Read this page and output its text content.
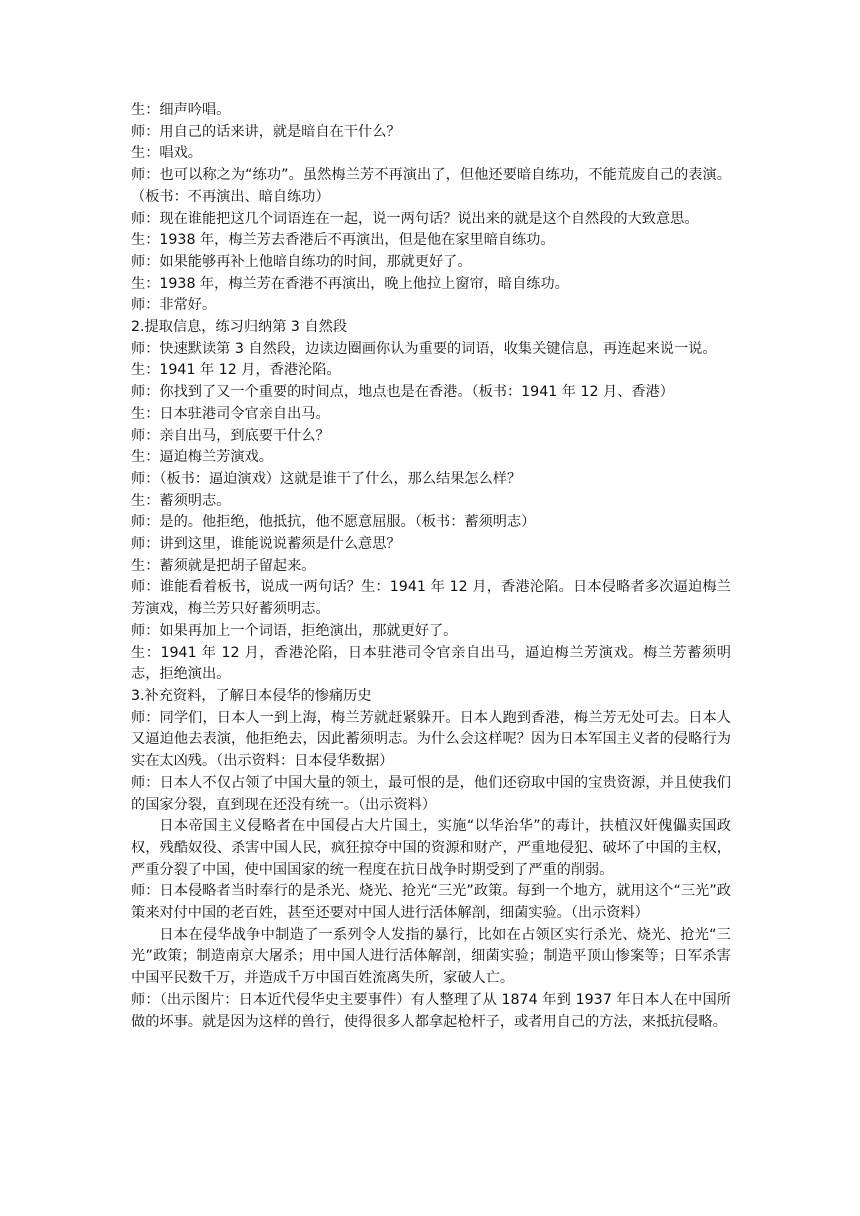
生：细声吟唱。

师：用自己的话来讲，就是暗自在干什么？

生：唱戏。

师：也可以称之为“练功”。虽然梅兰芳不再演出了，但他还要暗自练功，不能荒废自己的表演。（板书：不再演出、暗自练功）

师：现在谁能把这几个词语连在一起，说一两句话？说出来的就是这个自然段的大致意思。

生：1938 年，梅兰芳去香港后不再演出，但是他在家里暗自练功。

师：如果能够再补上他暗自练功的时间，那就更好了。

生：1938 年，梅兰芳在香港不再演出，晚上他拉上窗帘，暗自练功。

师：非常好。

2.提取信息，练习归纳第 3 自然段

师：快速默读第 3 自然段，边读边圈画你认为重要的词语，收集关键信息，再连起来说一说。

生：1941 年 12 月，香港沦陷。

师：你找到了又一个重要的时间点，地点也是在香港。（板书：1941 年 12 月、香港）

生：日本驻港司令官亲自出马。

师：亲自出马，到底要干什么？

生：逼迫梅兰芳演戏。

师：（板书：逼迫演戏）这就是谁干了什么，那么结果怎么样？

生：蓄须明志。

师：是的。他拒绝，他抵抗，他不愿意屈服。（板书：蓄须明志）

师：讲到这里，谁能说说蓄须是什么意思？

生：蓄须就是把胡子留起来。

师：谁能看着板书，说成一两句话？生：1941 年 12 月，香港沦陷。日本侵略者多次逼迫梅兰芳演戏，梅兰芳只好蓄须明志。

师：如果再加上一个词语，拒绝演出，那就更好了。

生：1941 年 12 月，香港沦陷，日本驻港司令官亲自出马，逼迫梅兰芳演戏。梅兰芳蓄须明志，拒绝演出。

3.补充资料，了解日本侵华的惨痛历史

师：同学们，日本人一到上海，梅兰芳就赶紧躲开。日本人跑到香港，梅兰芳无处可去。日本人又逼迫他去表演，他拒绝去，因此蓄须明志。为什么会这样呢？因为日本军国主义者的侵略行为实在太凶残。（出示资料：日本侵华数据）

师：日本人不仅占领了中国大量的领土，最可恨的是，他们还窃取中国的宝贵资源，并且使我们的国家分裂，直到现在还没有统一。（出示资料）

日本帝国主义侵略者在中国侵占大片国土，实施“以华治华”的毒计，扶植汉奸傀儡卖国政权，残酷奴役、杀害中国人民，疯狂掠夺中国的资源和财产，严重地侵犯、破坏了中国的主权，严重分裂了中国，使中国国家的统一程度在抗日战争时期受到了严重的削弱。

师：日本侵略者当时奉行的是杀光、烧光、抢光“三光”政策。每到一个地方，就用这个“三光”政策来对付中国的老百姓，甚至还要对中国人进行活体解剖，细菌实验。（出示资料）

日本在侵华战争中制造了一系列令人发指的暴行，比如在占领区实行杀光、烧光、抢光“三光”政策；制造南京大屠杀；用中国人进行活体解剖，细菌实验；制造平顶山惨案等；日军杀害中国平民数千万，并造成千万中国百姓流离失所，家破人亡。

师：（出示图片：日本近代侵华史主要事件）有人整理了从 1874 年到 1937 年日本人在中国所做的坏事。就是因为这样的兽行，使得很多人都拿起枪杆子，或者用自己的方法，来抵抗侵略。
